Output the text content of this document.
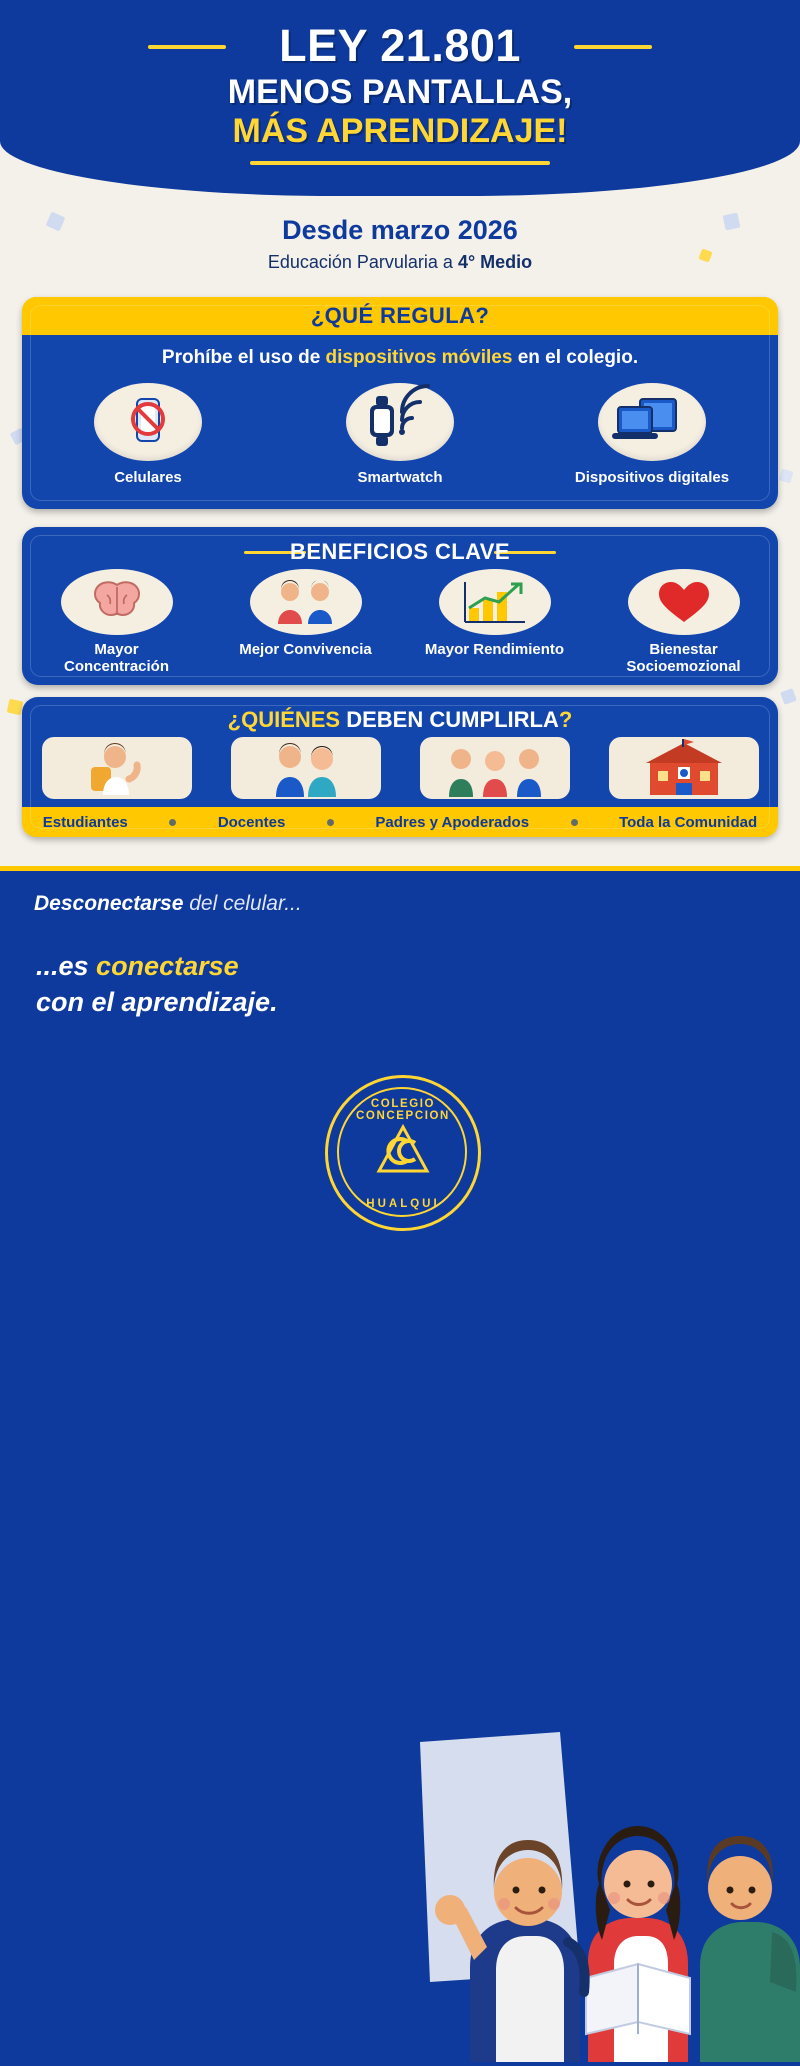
LEY 21.801
MENOS PANTALLAS,
MÁS APRENDIZAJE!
Desde marzo 2026
Educación Parvularia a 4° Medio
¿QUÉ REGULA?
Prohíbe el uso de dispositivos móviles en el colegio.
Celulares	Smartwatch	Dispositivos digitales
BENEFICIOS CLAVE
Mayor
Concentración
Mejor Convivencia	Mayor Rendimiento	Bienestar
Socioemozional
¿QUIÉNES DEBEN CUMPLIRLA?
Estudiantes	Docentes	Padres y Apoderados	Toda la Comunidad
Desconectarse del celular...
...es conectarse
con el aprendizaje.
COLEGIO CONCEPCION
HUALQUI
